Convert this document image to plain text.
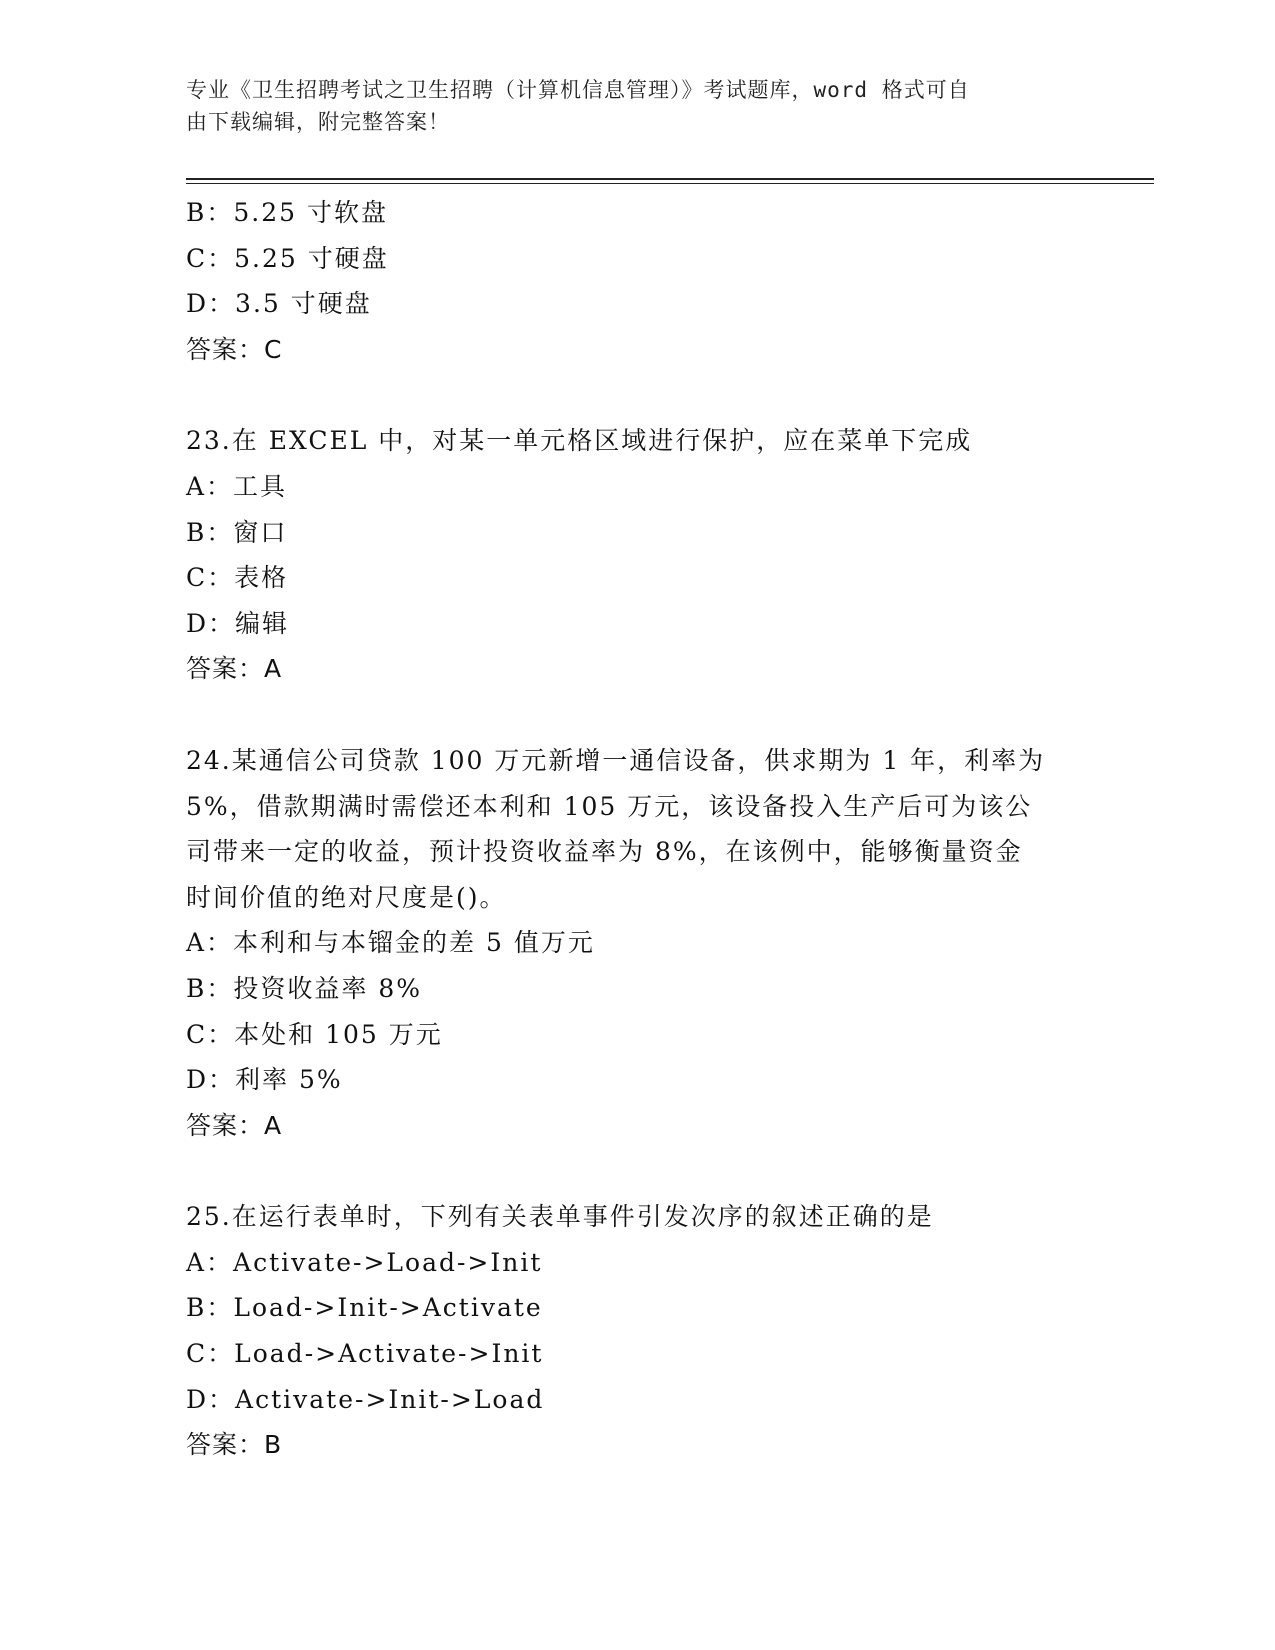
专业《卫生招聘考试之卫生招聘（计算机信息管理）》考试题库，word 格式可自
由下载编辑，附完整答案！
B：5.25 寸软盘
C：5.25 寸硬盘
D：3.5 寸硬盘
答案：C
23.在 EXCEL 中，对某一单元格区域进行保护，应在菜单下完成
A：工具
B：窗口
C：表格
D：编辑
答案：A
24.某通信公司贷款 100 万元新增一通信设备，供求期为 1 年，利率为
5%，借款期满时需偿还本利和 105 万元，该设备投入生产后可为该公
司带来一定的收益，预计投资收益率为 8%，在该例中，能够衡量资金
时间价值的绝对尺度是()。
A：本利和与本镏金的差 5 值万元
B：投资收益率 8%
C：本处和 105 万元
D：利率 5%
答案：A
25.在运行表单时，下列有关表单事件引发次序的叙述正确的是
A：Activate->Load->Init
B：Load->Init->Activate
C：Load->Activate->Init
D：Activate->Init->Load
答案：B
